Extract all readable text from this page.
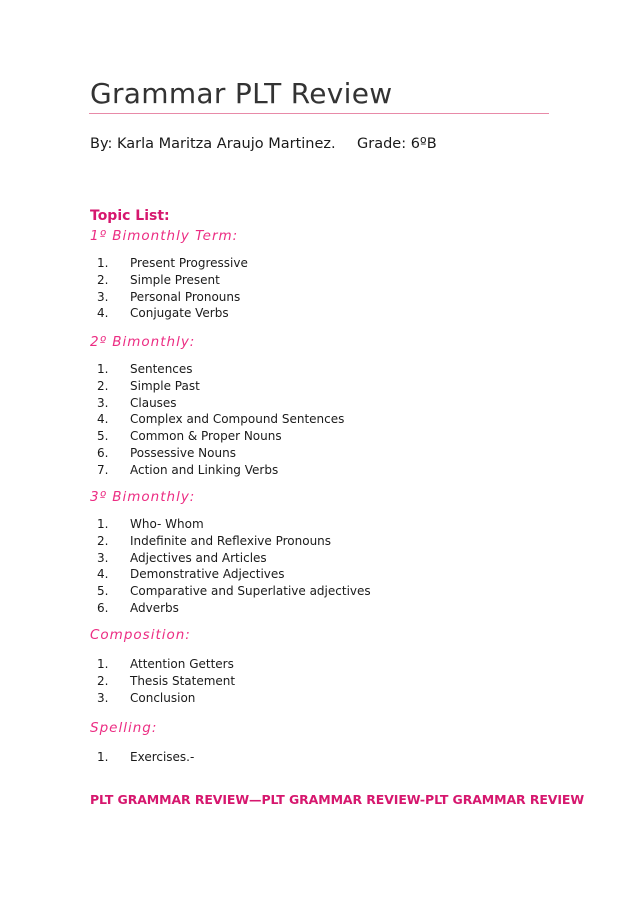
Grammar PLT Review
By: Karla Maritza Araujo Martinez. Grade: 6ºB
Topic List:
1º Bimonthly Term:
1. Present Progressive
2. Simple Present
3. Personal Pronouns
4. Conjugate Verbs
2º Bimonthly:
1. Sentences
2. Simple Past
3. Clauses
4. Complex and Compound Sentences
5. Common & Proper Nouns
6. Possessive Nouns
7. Action and Linking Verbs
3º Bimonthly:
1. Who- Whom
2. Indefinite and Reflexive Pronouns
3. Adjectives and Articles
4. Demonstrative Adjectives
5. Comparative and Superlative adjectives
6. Adverbs
Composition:
1. Attention Getters
2. Thesis Statement
3. Conclusion
Spelling:
1. Exercises.-
PLT GRAMMAR REVIEW—PLT GRAMMAR REVIEW-PLT GRAMMAR REVIEW
